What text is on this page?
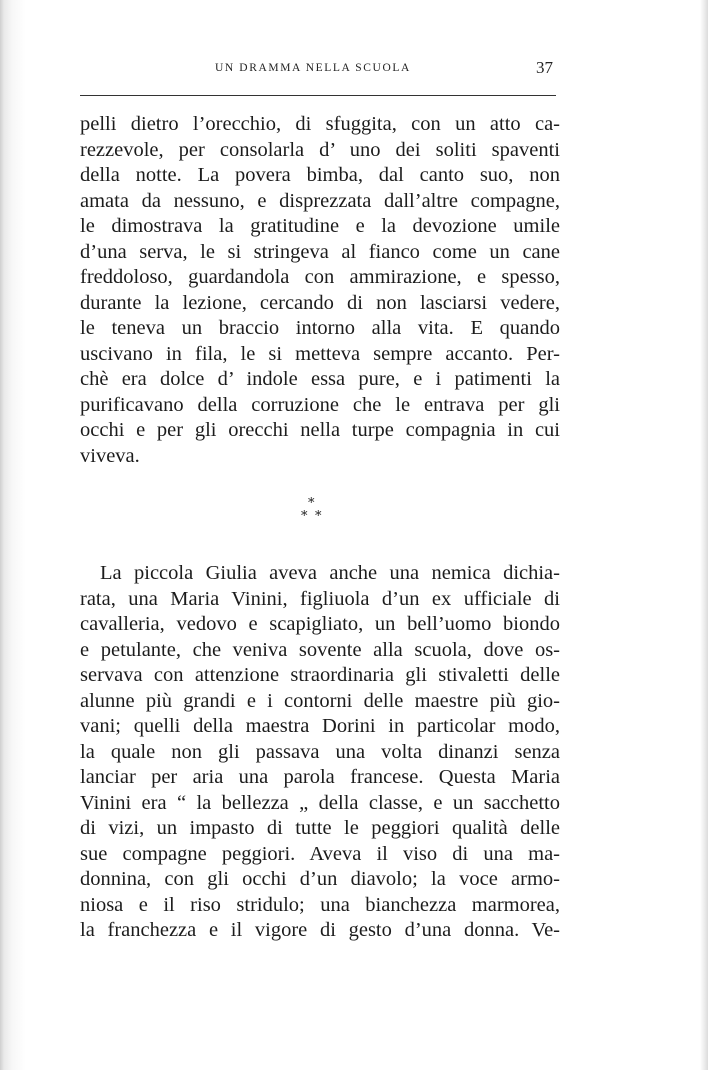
UN DRAMMA NELLA SCUOLA	37
pelli dietro l’orecchio, di sfuggita, con un atto ca-
rezzevole, per consolarla d’ uno dei soliti spaventi
della notte. La povera bimba, dal canto suo, non
amata da nessuno, e disprezzata dall’altre compagne,
le dimostrava la gratitudine e la devozione umile
d’una serva, le si stringeva al fianco come un cane
freddoloso, guardandola con ammirazione, e spesso,
durante la lezione, cercando di non lasciarsi vedere,
le teneva un braccio intorno alla vita. E quando
uscivano in fila, le si metteva sempre accanto. Per-
chè era dolce d’ indole essa pure, e i patimenti la
purificavano della corruzione che le entrava per gli
occhi e per gli orecchi nella turpe compagnia in cui
viveva.
*
* *
La piccola Giulia aveva anche una nemica dichia-
rata, una Maria Vinini, figliuola d’un ex ufficiale di
cavalleria, vedovo e scapigliato, un bell’uomo biondo
e petulante, che veniva sovente alla scuola, dove os-
servava con attenzione straordinaria gli stivaletti delle
alunne più grandi e i contorni delle maestre più gio-
vani; quelli della maestra Dorini in particolar modo,
la quale non gli passava una volta dinanzi senza
lanciar per aria una parola francese. Questa Maria
Vinini era “ la bellezza „ della classe, e un sacchetto
di vizi, un impasto di tutte le peggiori qualità delle
sue compagne peggiori. Aveva il viso di una ma-
donnina, con gli occhi d’un diavolo; la voce armo-
niosa e il riso stridulo; una bianchezza marmorea,
la franchezza e il vigore di gesto d’una donna. Ve-
